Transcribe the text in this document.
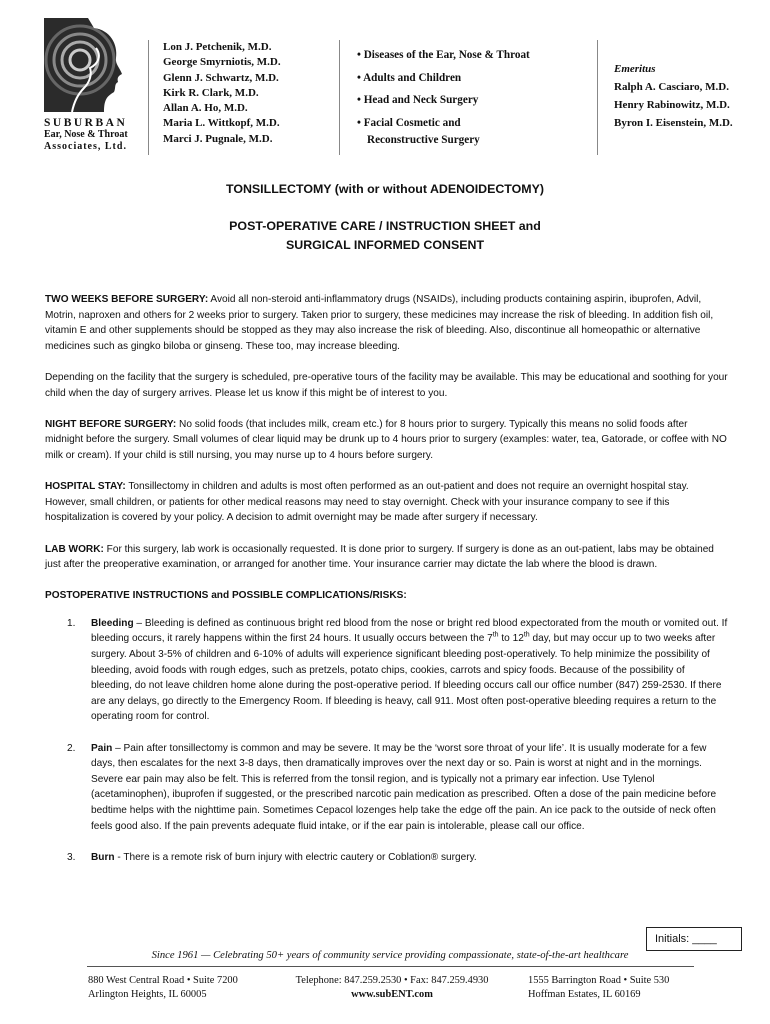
SUBURBAN
Ear, Nose & Throat
Associates, Ltd.
Lon J. Petchenik, M.D.
George Smyrniotis, M.D.
Glenn J. Schwartz, M.D.
Kirk R. Clark, M.D.
Allan A. Ho, M.D.
Maria L. Wittkopf, M.D.
Marci J. Pugnale, M.D.
• Diseases of the Ear, Nose & Throat
• Adults and Children
• Head and Neck Surgery
• Facial Cosmetic and
Reconstructive Surgery
Emeritus
Ralph A. Casciaro, M.D.
Henry Rabinowitz, M.D.
Byron I. Eisenstein, M.D.
TONSILLECTOMY (with or without ADENOIDECTOMY)
POST-OPERATIVE CARE / INSTRUCTION SHEET and
SURGICAL INFORMED CONSENT

TWO WEEKS BEFORE SURGERY: Avoid all non-steroid anti-inflammatory drugs (NSAIDs), including products containing aspirin, ibuprofen, Advil, Motrin, naproxen and others for 2 weeks prior to surgery. Taken prior to surgery, these medicines may increase the risk of bleeding. In addition fish oil, vitamin E and other supplements should be stopped as they may also increase the risk of bleeding. Also, discontinue all homeopathic or alternative medicines such as gingko biloba or ginseng. These too, may increase bleeding.

Depending on the facility that the surgery is scheduled, pre-operative tours of the facility may be available. This may be educational and soothing for your child when the day of surgery arrives. Please let us know if this might be of interest to you.

NIGHT BEFORE SURGERY: No solid foods (that includes milk, cream etc.) for 8 hours prior to surgery. Typically this means no solid foods after midnight before the surgery. Small volumes of clear liquid may be drunk up to 4 hours prior to surgery (examples: water, tea, Gatorade, or coffee with NO milk or cream). If your child is still nursing, you may nurse up to 4 hours before surgery.

HOSPITAL STAY: Tonsillectomy in children and adults is most often performed as an out-patient and does not require an overnight hospital stay. However, small children, or patients for other medical reasons may need to stay overnight. Check with your insurance company to see if this hospitalization is covered by your policy. A decision to admit overnight may be made after surgery if necessary.

LAB WORK: For this surgery, lab work is occasionally requested. It is done prior to surgery. If surgery is done as an out-patient, labs may be obtained just after the preoperative examination, or arranged for another time. Your insurance carrier may dictate the lab where the blood is drawn.

POSTOPERATIVE INSTRUCTIONS and POSSIBLE COMPLICATIONS/RISKS:
1. Bleeding – Bleeding is defined as continuous bright red blood from the nose or bright red blood expectorated from the mouth or vomited out. If bleeding occurs, it rarely happens within the first 24 hours. It usually occurs between the 7th to 12th day, but may occur up to two weeks after surgery. About 3-5% of children and 6-10% of adults will experience significant bleeding post-operatively. To help minimize the possibility of bleeding, avoid foods with rough edges, such as pretzels, potato chips, cookies, carrots and spicy foods. Because of the possibility of bleeding, do not leave children home alone during the post-operative period. If bleeding occurs call our office number (847) 259-2530. If there are any delays, go directly to the Emergency Room. If bleeding is heavy, call 911. Most often post-operative bleeding requires a return to the operating room for control.
2. Pain – Pain after tonsillectomy is common and may be severe. It may be the ‘worst sore throat of your life’. It is usually moderate for a few days, then escalates for the next 3-8 days, then dramatically improves over the next day or so. Pain is worst at night and in the mornings. Severe ear pain may also be felt. This is referred from the tonsil region, and is typically not a primary ear infection. Use Tylenol (acetaminophen), ibuprofen if suggested, or the prescribed narcotic pain medication as prescribed. Often a dose of the pain medicine before bedtime helps with the nighttime pain. Sometimes Cepacol lozenges help take the edge off the pain. An ice pack to the outside of neck often feels good also. If the pain prevents adequate fluid intake, or if the ear pain is intolerable, please call our office.
3. Burn - There is a remote risk of burn injury with electric cautery or Coblation® surgery.
Initials: ____
Since 1961 — Celebrating 50+ years of community service providing compassionate, state-of-the-art healthcare
880 West Central Road • Suite 7200
Arlington Heights, IL 60005
Telephone: 847.259.2530 • Fax: 847.259.4930
www.subENT.com
1555 Barrington Road • Suite 530
Hoffman Estates, IL 60169
